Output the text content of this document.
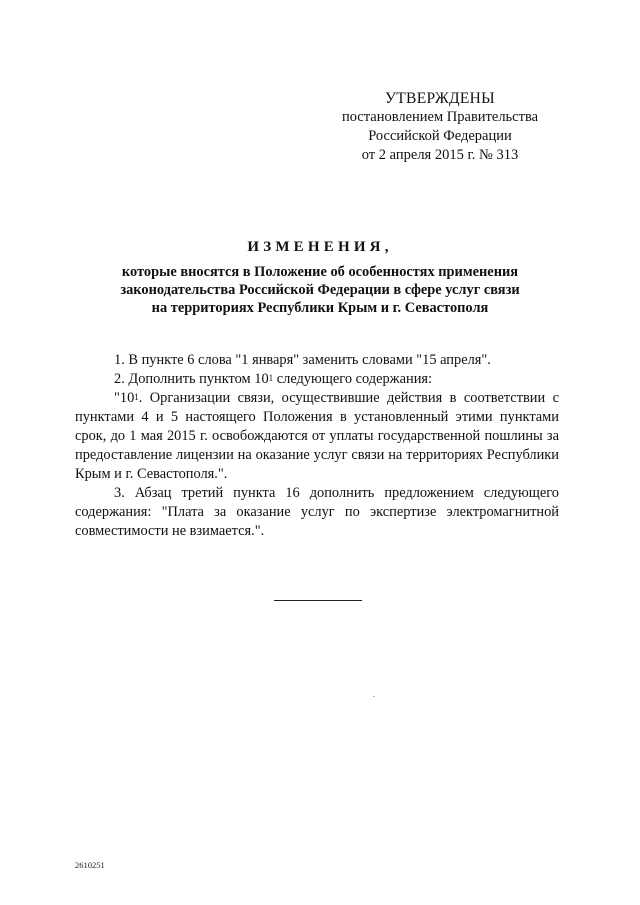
УТВЕРЖДЕНЫ
постановлением Правительства
Российской Федерации
от 2 апреля 2015 г. № 313
ИЗМЕНЕНИЯ,
которые вносятся в Положение об особенностях применения
законодательства Российской Федерации в сфере услуг связи
на территориях Республики Крым и г. Севастополя

1. В пункте 6 слова "1 января" заменить словами "15 апреля".

2. Дополнить пунктом $10^1$ следующего содержания:

"$10^1$. Организации связи, осуществившие действия в соответствии с пунктами 4 и 5 настоящего Положения в установленный этими пунктами срок, до 1 мая 2015 г. освобождаются от уплаты государственной пошлины за предоставление лицензии на оказание услуг связи на территориях Республики Крым и г. Севастополя.".

3. Абзац третий пункта 16 дополнить предложением следующего содержания: "Плата за оказание услуг по экспертизе электромагнитной совместимости не взимается.".

2610251
